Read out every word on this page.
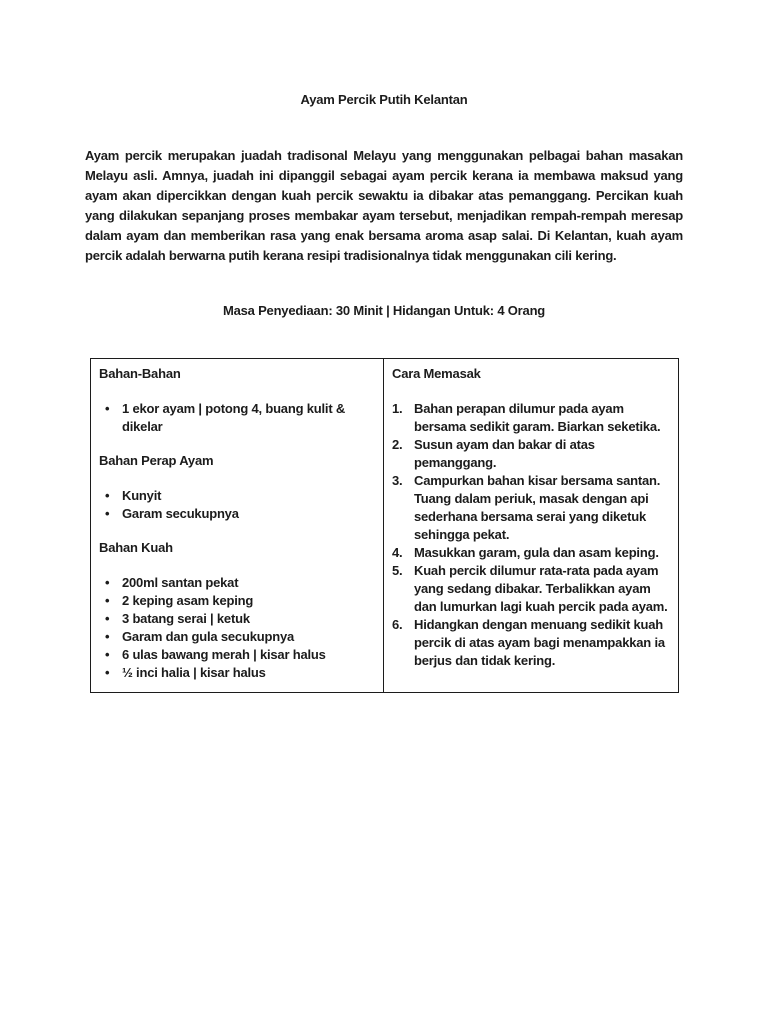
Ayam Percik Putih Kelantan

Ayam percik merupakan juadah tradisonal Melayu yang menggunakan pelbagai bahan masakan Melayu asli. Amnya, juadah ini dipanggil sebagai ayam percik kerana ia membawa maksud yang ayam akan dipercikkan dengan kuah percik sewaktu ia dibakar atas pemanggang. Percikan kuah yang dilakukan sepanjang proses membakar ayam tersebut, menjadikan rempah-rempah meresap dalam ayam dan memberikan rasa yang enak bersama aroma asap salai. Di Kelantan, kuah ayam percik adalah berwarna putih kerana resipi tradisionalnya tidak menggunakan cili kering.

Masa Penyediaan: 30 Minit | Hidangan Untuk: 4 Orang
Bahan-Bahan
• 1 ekor ayam | potong 4, buang kulit & dikelar
Bahan Perap Ayam
• Kunyit
• Garam secukupnya
Bahan Kuah
• 200ml santan pekat
• 2 keping asam keping
• 3 batang serai | ketuk
• Garam dan gula secukupnya
• 6 ulas bawang merah | kisar halus
• ½ inci halia | kisar halus
Cara Memasak
Bahan perapan dilumur pada ayam bersama sedikit garam. Biarkan seketika.
Susun ayam dan bakar di atas pemanggang.
Campurkan bahan kisar bersama santan. Tuang dalam periuk, masak dengan api sederhana bersama serai yang diketuk sehingga pekat.
Masukkan garam, gula dan asam keping.
Kuah percik dilumur rata-rata pada ayam yang sedang dibakar. Terbalikkan ayam dan lumurkan lagi kuah percik pada ayam.
Hidangkan dengan menuang sedikit kuah percik di atas ayam bagi menampakkan ia berjus dan tidak kering.
